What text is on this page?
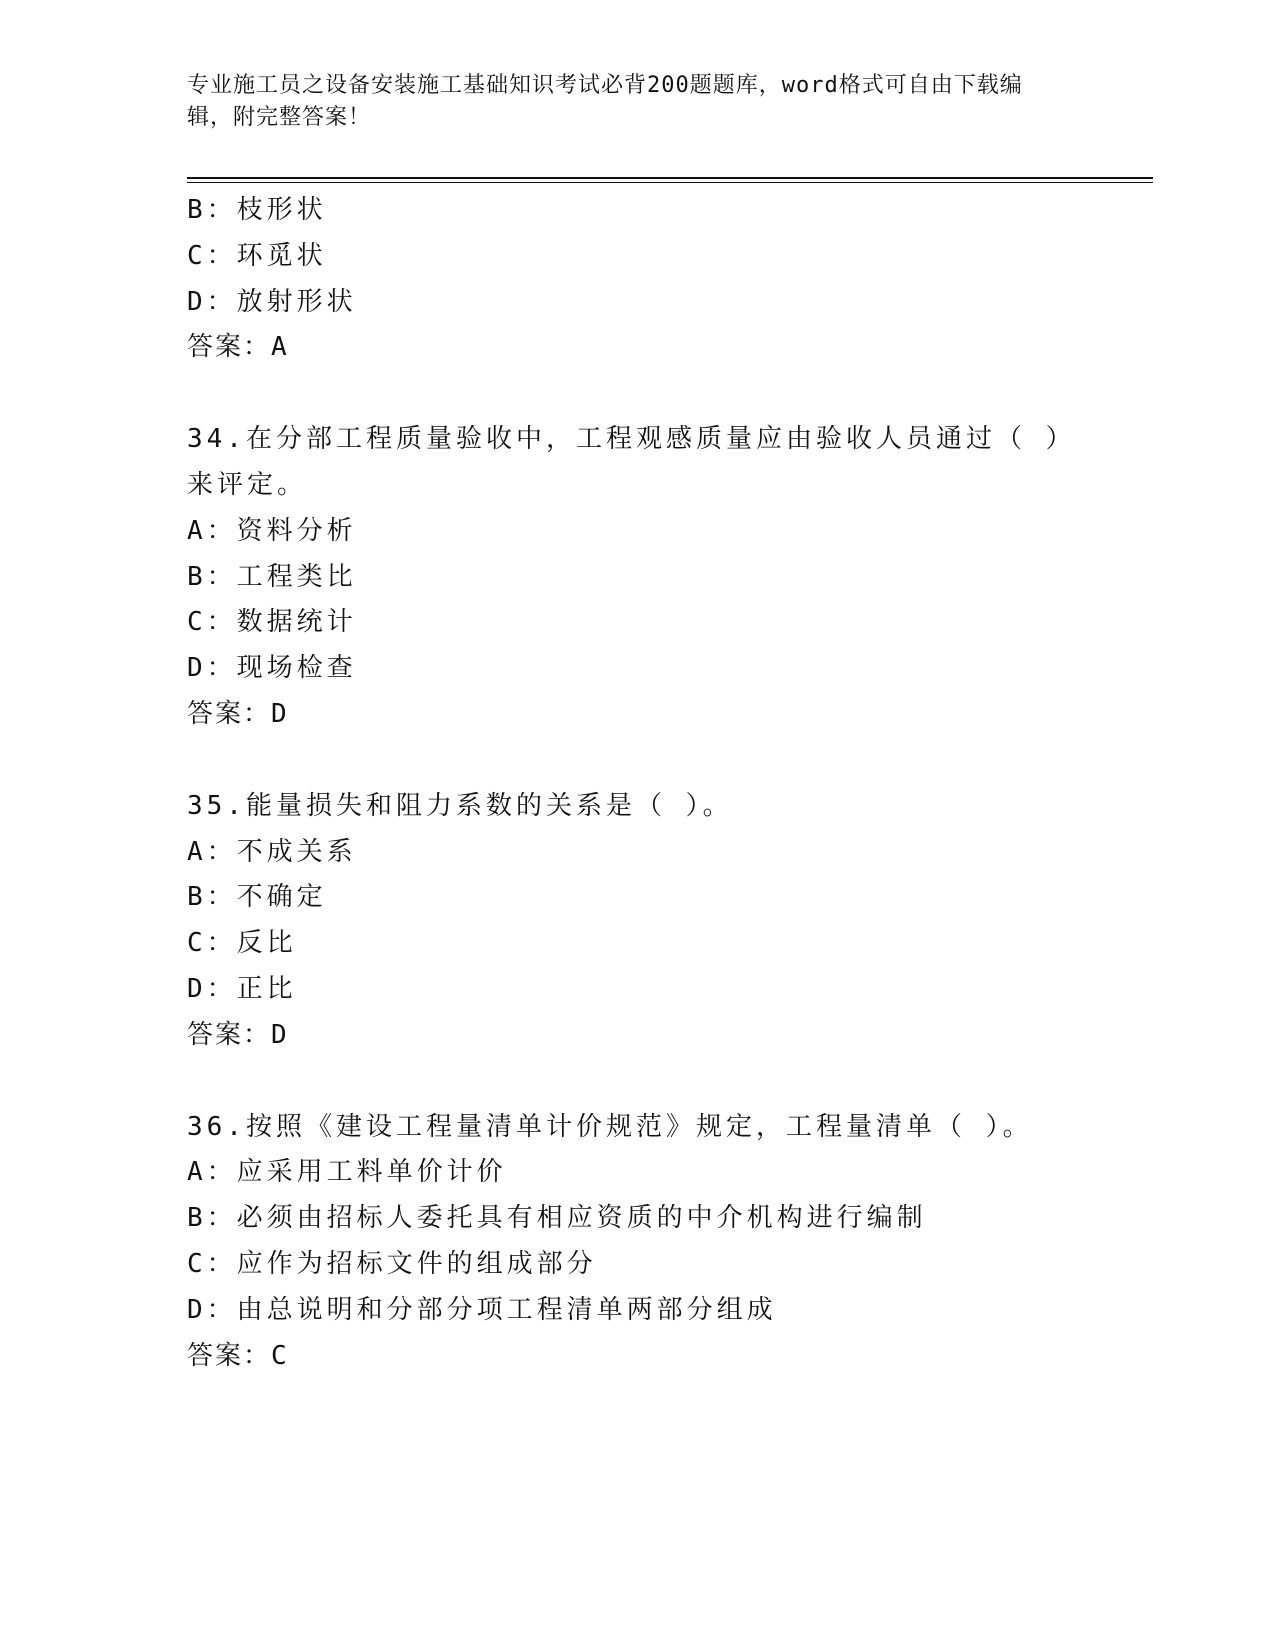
专业施工员之设备安装施工基础知识考试必背200题题库，word格式可自由下载编辑，附完整答案！

B：枝形状

C：环觅状

D：放射形状

答案：A

34.在分部工程质量验收中，工程观感质量应由验收人员通过（ ）来评定。

A：资料分析

B：工程类比

C：数据统计

D：现场检查

答案：D

35.能量损失和阻力系数的关系是（ ）。

A：不成关系

B：不确定

C：反比

D：正比

答案：D

36.按照《建设工程量清单计价规范》规定，工程量清单（ ）。

A：应采用工料单价计价

B：必须由招标人委托具有相应资质的中介机构进行编制

C：应作为招标文件的组成部分

D：由总说明和分部分项工程清单两部分组成

答案：C
